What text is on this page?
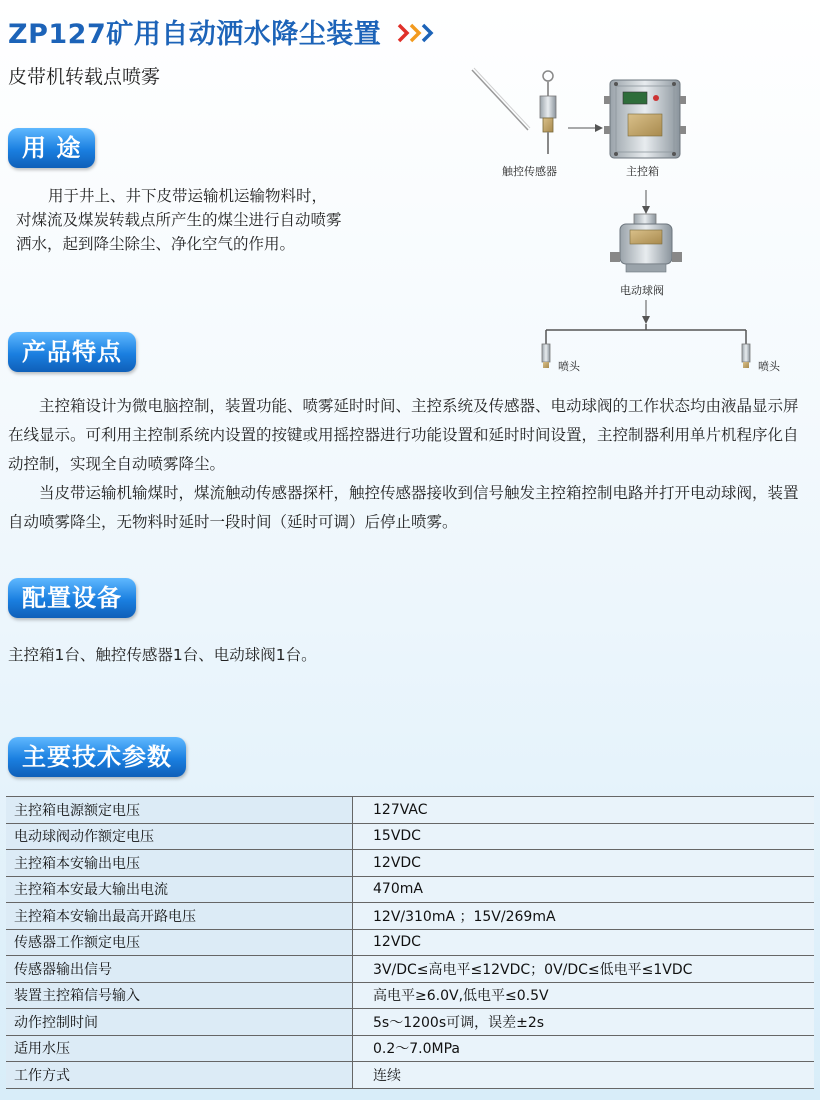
ZP127矿用自动洒水降尘装置
皮带机转载点喷雾
触控传感器	主控箱
电动球阀
喷头	喷头
用 途
用于井上、井下皮带运输机运输物料时，
对煤流及煤炭转载点所产生的煤尘进行自动喷雾
洒水，起到降尘除尘、净化空气的作用。
产品特点
主控箱设计为微电脑控制，装置功能、喷雾延时时间、主控系统及传感器、电动球阀的工作状态均由液晶显示屏在线显示。可利用主控制系统内设置的按键或用摇控器进行功能设置和延时时间设置，主控制器利用单片机程序化自动控制，实现全自动喷雾降尘。
当皮带运输机输煤时，煤流触动传感器探杆，触控传感器接收到信号触发主控箱控制电路并打开电动球阀，装置自动喷雾降尘，无物料时延时一段时间（延时可调）后停止喷雾。
配置设备
主控箱1台、触控传感器1台、电动球阀1台。
主要技术参数
主控箱电源额定电压	127VAC
电动球阀动作额定电压	15VDC
主控箱本安输出电压	12VDC
主控箱本安最大输出电流	470mA
主控箱本安输出最高开路电压	12V/310mA ；15V/269mA
传感器工作额定电压	12VDC
传感器输出信号	3V/DC≤高电平≤12VDC；0V/DC≤低电平≤1VDC
装置主控箱信号输入	高电平≥6.0V,低电平≤0.5V
动作控制时间	5s～1200s可调，误差±2s
适用水压	0.2～7.0MPa
工作方式	连续
